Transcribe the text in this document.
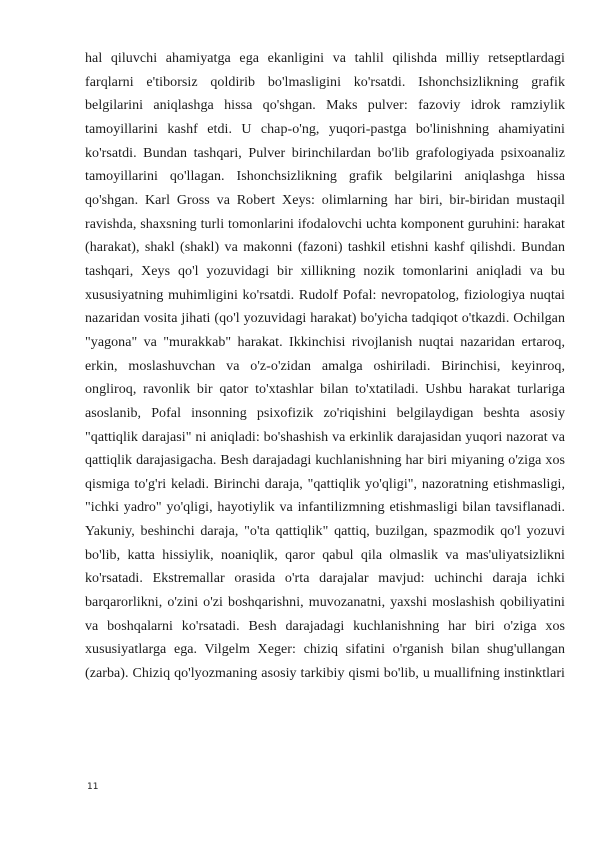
hal qiluvchi ahamiyatga ega ekanligini va tahlil qilishda milliy retseptlardagi farqlarni e'tiborsiz qoldirib bo'lmasligini ko'rsatdi. Ishonchsizlikning grafik belgilarini aniqlashga hissa qo'shgan. Maks pulver: fazoviy idrok ramziylik tamoyillarini kashf etdi. U chap-o'ng, yuqori-pastga bo'linishning ahamiyatini ko'rsatdi. Bundan tashqari, Pulver birinchilardan bo'lib grafologiyada psixoanaliz tamoyillarini qo'llagan. Ishonchsizlikning grafik belgilarini aniqlashga hissa qo'shgan. Karl Gross va Robert Xeys: olimlarning har biri, bir-biridan mustaqil ravishda, shaxsning turli tomonlarini ifodalovchi uchta komponent guruhini: harakat (harakat), shakl (shakl) va makonni (fazoni) tashkil etishni kashf qilishdi. Bundan tashqari, Xeys qo'l yozuvidagi bir xillikning nozik tomonlarini aniqladi va bu xususiyatning muhimligini ko'rsatdi. Rudolf Pofal: nevropatolog, fiziologiya nuqtai nazaridan vosita jihati (qo'l yozuvidagi harakat) bo'yicha tadqiqot o'tkazdi. Ochilgan "yagona" va "murakkab" harakat. Ikkinchisi rivojlanish nuqtai nazaridan ertaroq, erkin, moslashuvchan va o'z-o'zidan amalga oshiriladi. Birinchisi, keyinroq, ongliroq, ravonlik bir qator to'xtashlar bilan to'xtatiladi. Ushbu harakat turlariga asoslanib, Pofal insonning psixofizik zo'riqishini belgilaydigan beshta asosiy "qattiqlik darajasi" ni aniqladi: bo'shashish va erkinlik darajasidan yuqori nazorat va qattiqlik darajasigacha. Besh darajadagi kuchlanishning har biri miyaning o'ziga xos qismiga to'g'ri keladi. Birinchi daraja, "qattiqlik yo'qligi", nazoratning etishmasligi, "ichki yadro" yo'qligi, hayotiylik va infantilizmning etishmasligi bilan tavsiflanadi. Yakuniy, beshinchi daraja, "o'ta qattiqlik" qattiq, buzilgan, spazmodik qo'l yozuvi bo'lib, katta hissiylik, noaniqlik, qaror qabul qila olmaslik va mas'uliyatsizlikni ko'rsatadi. Ekstremallar orasida o'rta darajalar mavjud: uchinchi daraja ichki barqarorlikni, o'zini o'zi boshqarishni, muvozanatni, yaxshi moslashish qobiliyatini va boshqalarni ko'rsatadi. Besh darajadagi kuchlanishning har biri o'ziga xos xususiyatlarga ega. Vilgelm Xeger: chiziq sifatini o'rganish bilan shug'ullangan (zarba). Chiziq qo'lyozmaning asosiy tarkibiy qismi bo'lib, u muallifning instinktlari

11
